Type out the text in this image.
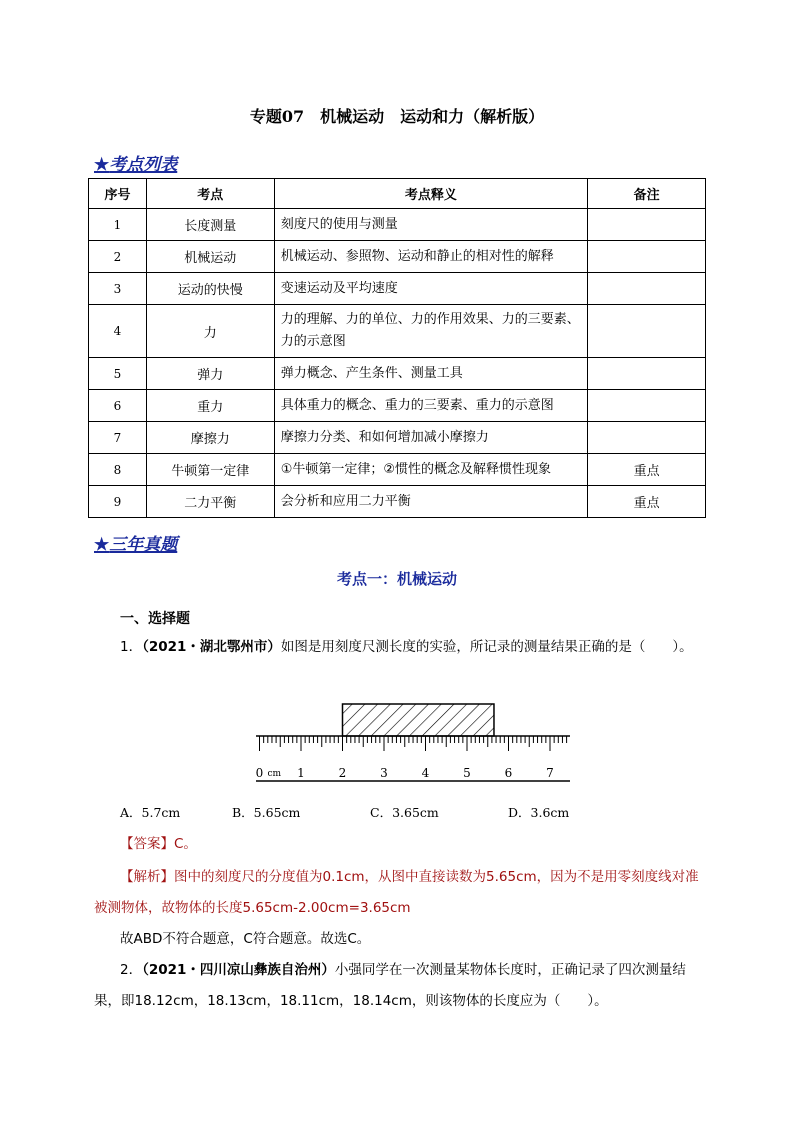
专题07　机械运动　运动和力（解析版）
★考点列表
序号	考点	考点释义	备注
1	长度测量	刻度尺的使用与测量	
2	机械运动	机械运动、参照物、运动和静止的相对性的解释	
3	运动的快慢	变速运动及平均速度	
4	力	力的理解、力的单位、力的作用效果、力的三要素、力的示意图	
5	弹力	弹力概念、产生条件、测量工具	
6	重力	具体重力的概念、重力的三要素、重力的示意图	
7	摩擦力	摩擦力分类、和如何增加减小摩擦力	
8	牛顿第一定律	①牛顿第一定律；②惯性的概念及解释惯性现象	重点
9	二力平衡	会分析和应用二力平衡	重点
★三年真题
考点一：机械运动
一、选择题
1．（2021・湖北鄂州市）如图是用刻度尺测长度的实验，所记录的测量结果正确的是（　　）。
0	1	2	3	4	5	6	7
cm
A．5.7cm	B．5.65cm	C．3.65cm	D．3.6cm
【答案】C。
【解析】图中的刻度尺的分度值为0.1cm，从图中直接读数为5.65cm，因为不是用零刻度线对准被测物体，故物体的长度5.65cm-2.00cm=3.65cm
故ABD不符合题意，C符合题意。故选C。
2．（2021・四川凉山彝族自治州）小强同学在一次测量某物体长度时，正确记录了四次测量结果，即18.12cm，18.13cm，18.11cm，18.14cm，则该物体的长度应为（　　）。
